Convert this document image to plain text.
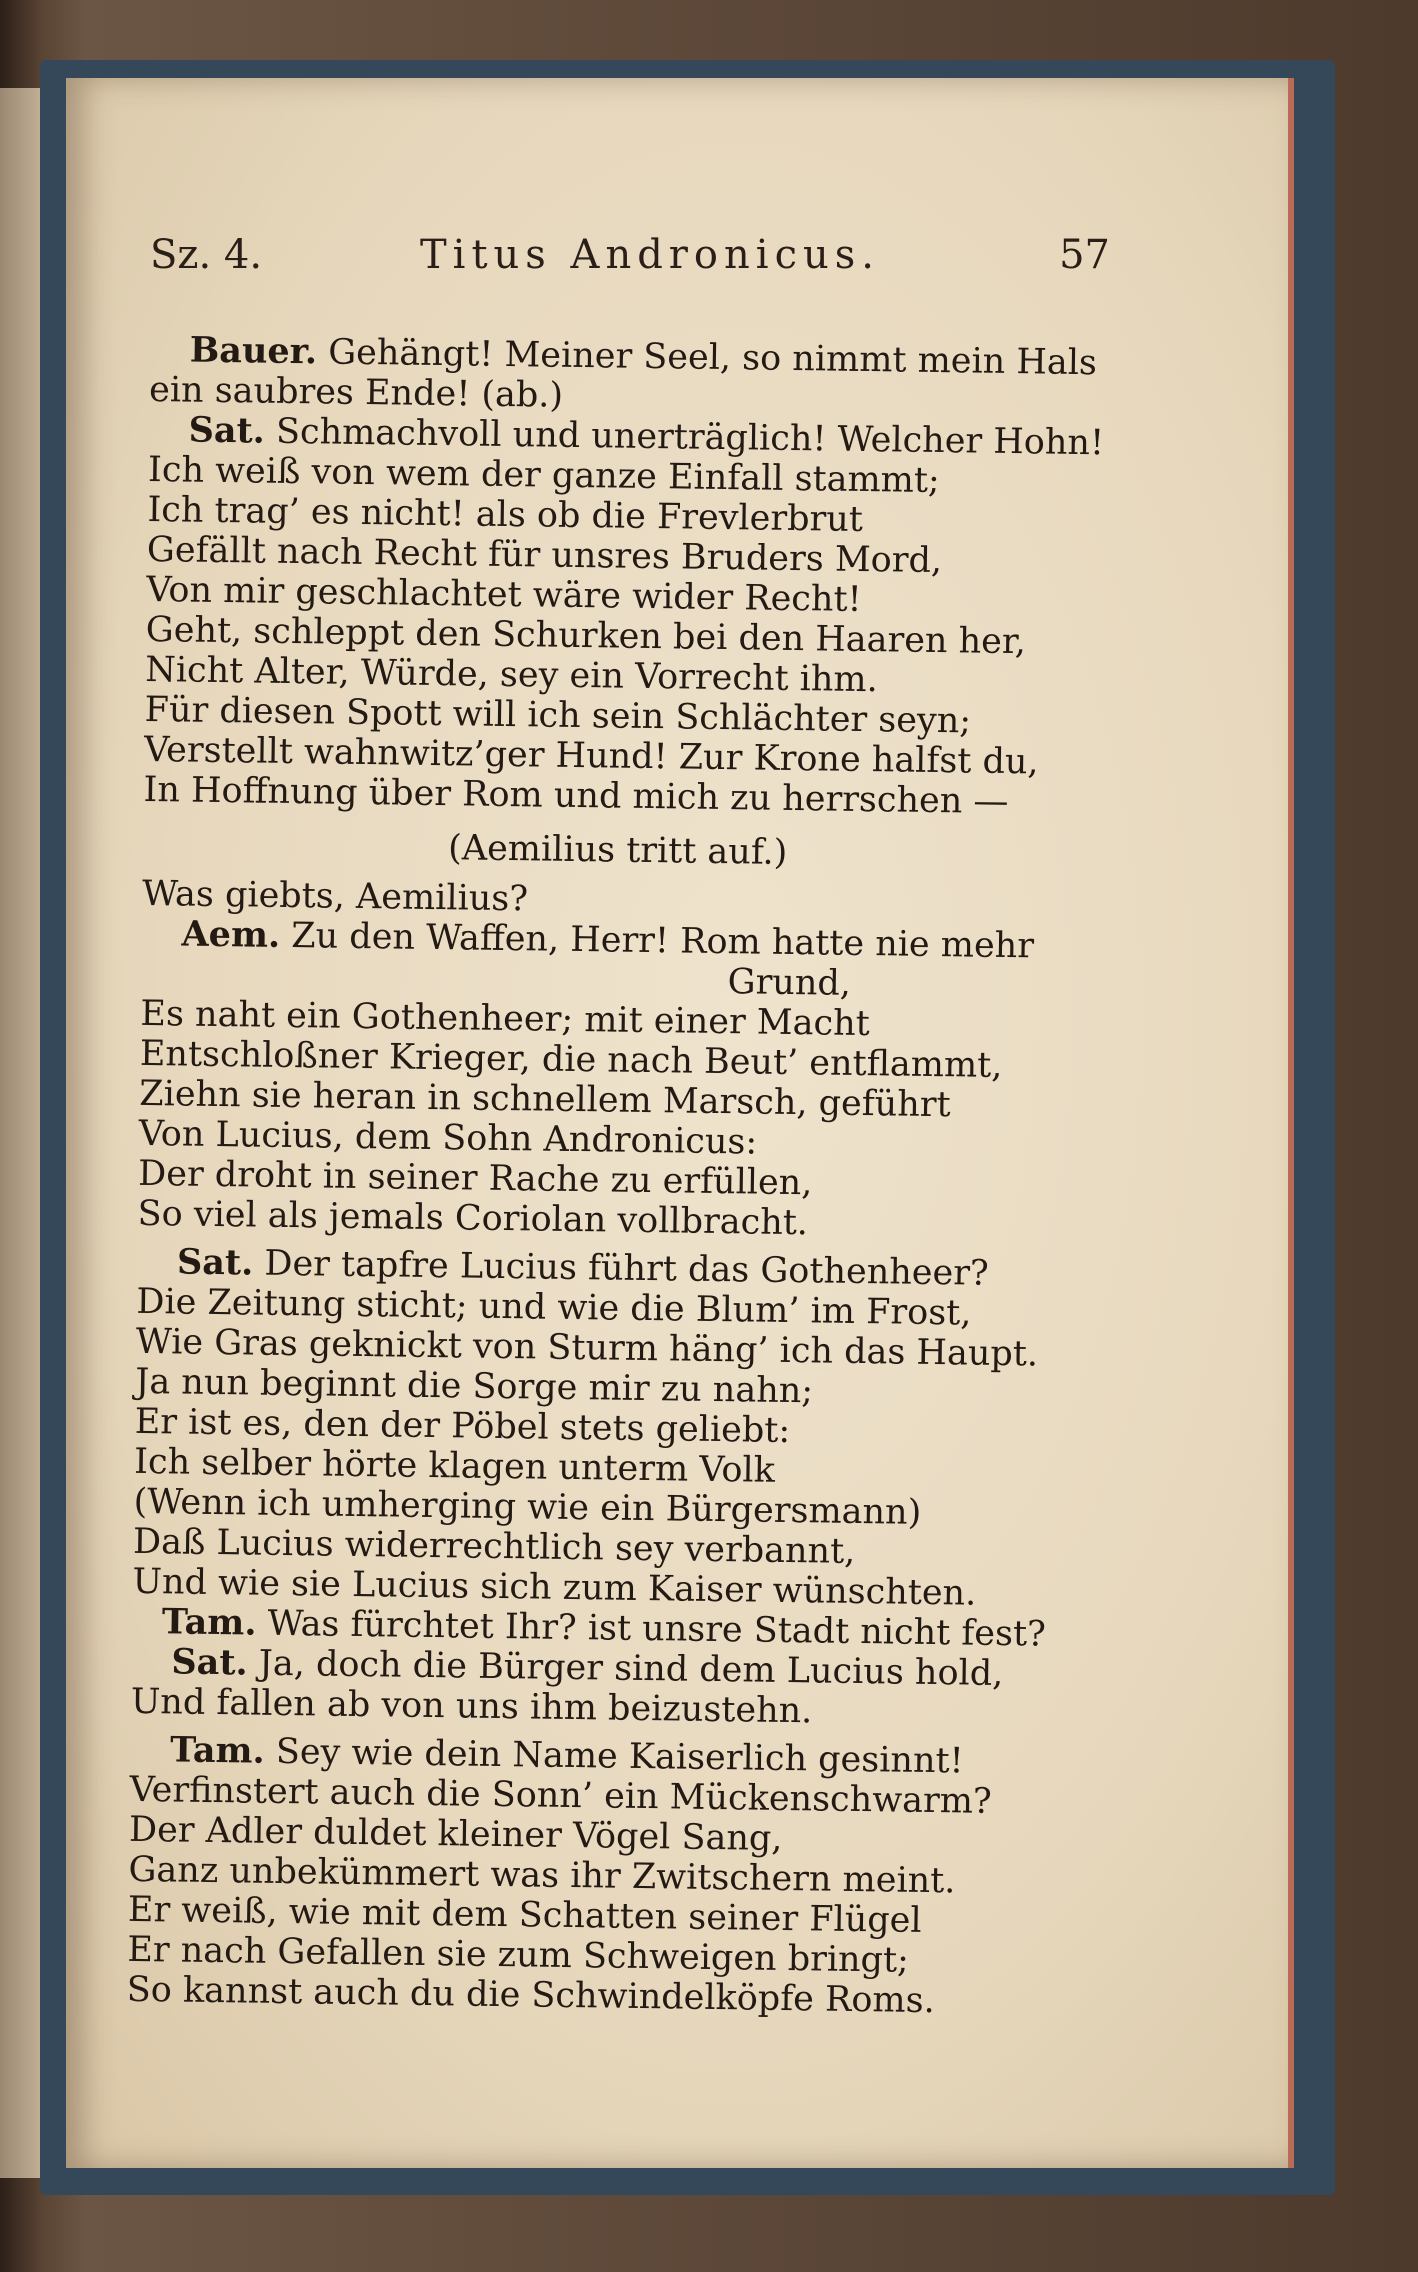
Sz. 4.	Titus Andronicus.	57
Bauer. Gehängt! Meiner Seel, so nimmt mein Hals
ein saubres Ende! (ab.)
Sat. Schmachvoll und unerträglich! Welcher Hohn!
Ich weiß von wem der ganze Einfall stammt;
Ich trag’ es nicht! als ob die Frevlerbrut
Gefällt nach Recht für unsres Bruders Mord,
Von mir geschlachtet wäre wider Recht!
Geht, schleppt den Schurken bei den Haaren her,
Nicht Alter, Würde, sey ein Vorrecht ihm.
Für diesen Spott will ich sein Schlächter seyn;
Verstellt wahnwitz’ger Hund! Zur Krone halfst du,
In Hoffnung über Rom und mich zu herrschen —
(Aemilius tritt auf.)
Was giebts, Aemilius?
Aem. Zu den Waffen, Herr! Rom hatte nie mehr
Grund,
Es naht ein Gothenheer; mit einer Macht
Entschloßner Krieger, die nach Beut’ entflammt,
Ziehn sie heran in schnellem Marsch, geführt
Von Lucius, dem Sohn Andronicus:
Der droht in seiner Rache zu erfüllen,
So viel als jemals Coriolan vollbracht.
Sat. Der tapfre Lucius führt das Gothenheer?
Die Zeitung sticht; und wie die Blum’ im Frost,
Wie Gras geknickt von Sturm häng’ ich das Haupt.
Ja nun beginnt die Sorge mir zu nahn;
Er ist es, den der Pöbel stets geliebt:
Ich selber hörte klagen unterm Volk
(Wenn ich umherging wie ein Bürgersmann)
Daß Lucius widerrechtlich sey verbannt,
Und wie sie Lucius sich zum Kaiser wünschten.
Tam. Was fürchtet Ihr? ist unsre Stadt nicht fest?
Sat. Ja, doch die Bürger sind dem Lucius hold,
Und fallen ab von uns ihm beizustehn.
Tam. Sey wie dein Name Kaiserlich gesinnt!
Verfinstert auch die Sonn’ ein Mückenschwarm?
Der Adler duldet kleiner Vögel Sang,
Ganz unbekümmert was ihr Zwitschern meint.
Er weiß, wie mit dem Schatten seiner Flügel
Er nach Gefallen sie zum Schweigen bringt;
So kannst auch du die Schwindelköpfe Roms.
